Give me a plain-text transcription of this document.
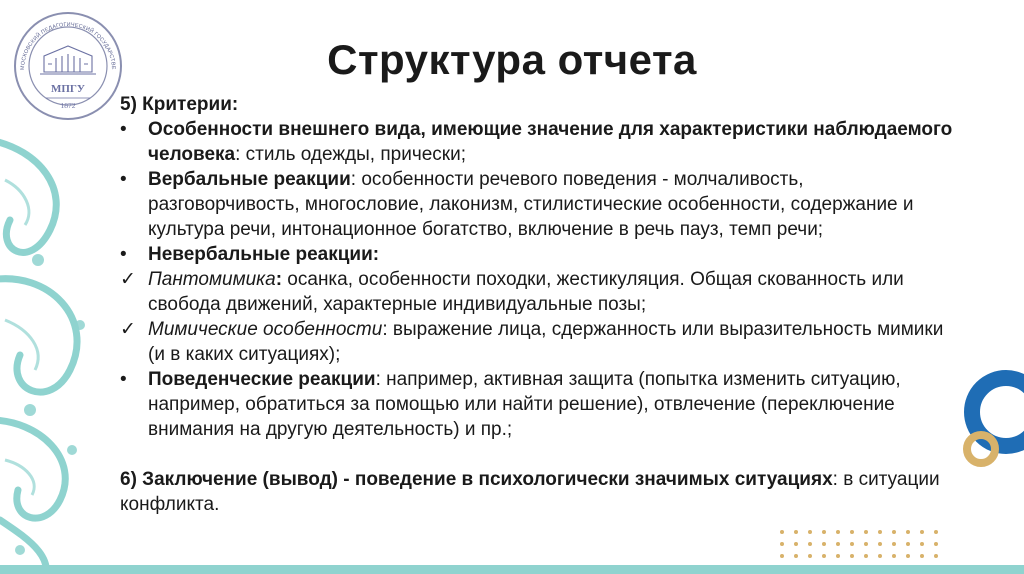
МОСКОВСКИЙ ПЕДАГОГИЧЕСКИЙ ГОСУДАРСТВЕ
МПГУ
1872
Структура отчета
5) Критерии:
•	Особенности внешнего вида, имеющие значение для характеристики наблюдаемого человека: стиль одежды, прически;
•	Вербальные реакции: особенности речевого поведения - молчаливость, разговорчивость, многословие, лаконизм, стилистические особенности, содержание и культура речи, интонационное богатство, включение в речь пауз, темп речи;
•	Невербальные реакции:
✓ Пантомимика: осанка, особенности походки, жестикуляция. Общая скованность или свобода движений, характерные индивидуальные позы;
✓ Мимические особенности: выражение лица, сдержанность или выразительность мимики (и в каких ситуациях);
•	Поведенческие реакции: например, активная защита (попытка изменить ситуацию, например, обратиться за помощью или найти решение), отвлечение (переключение внимания на другую деятельность) и пр.;
6) Заключение (вывод) - поведение в психологически значимых ситуациях: в ситуации конфликта.
